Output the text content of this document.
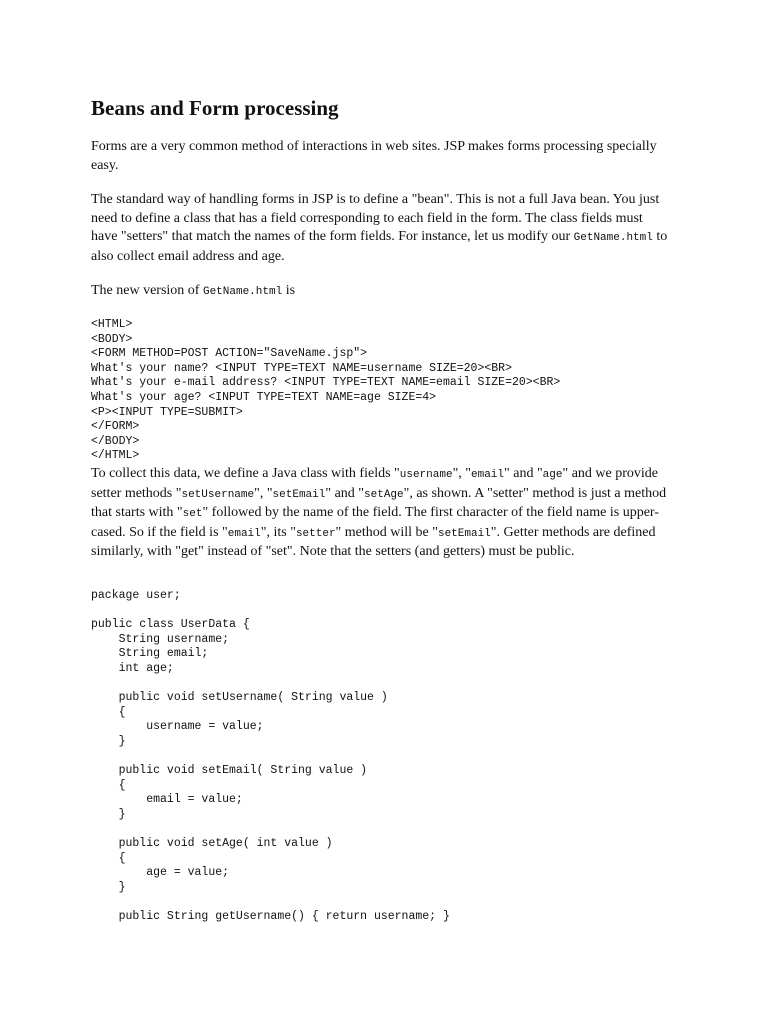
Beans and Form processing

Forms are a very common method of interactions in web sites. JSP makes forms processing specially easy.

The standard way of handling forms in JSP is to define a "bean". This is not a full Java bean. You just need to define a class that has a field corresponding to each field in the form. The class fields must have "setters" that match the names of the form fields. For instance, let us modify our GetName.html to also collect email address and age.

The new version of GetName.html is

<HTML>
<BODY>
<FORM METHOD=POST ACTION="SaveName.jsp">
What's your name? <INPUT TYPE=TEXT NAME=username SIZE=20><BR>
What's your e-mail address? <INPUT TYPE=TEXT NAME=email SIZE=20><BR>
What's your age? <INPUT TYPE=TEXT NAME=age SIZE=4>
<P><INPUT TYPE=SUBMIT>
</FORM>
</BODY>
</HTML>

To collect this data, we define a Java class with fields "username", "email" and "age" and we provide setter methods "setUsername", "setEmail" and "setAge", as shown. A "setter" method is just a method that starts with "set" followed by the name of the field. The first character of the field name is upper-cased. So if the field is "email", its "setter" method will be "setEmail". Getter methods are defined similarly, with "get" instead of "set". Note that the setters (and getters) must be public.

package user;

public class UserData {
String username;
String email;
int age;

public void setUsername( String value )
{
username = value;
}

public void setEmail( String value )
{
email = value;
}

public void setAge( int value )
{
age = value;
}

public String getUsername() { return username; }
